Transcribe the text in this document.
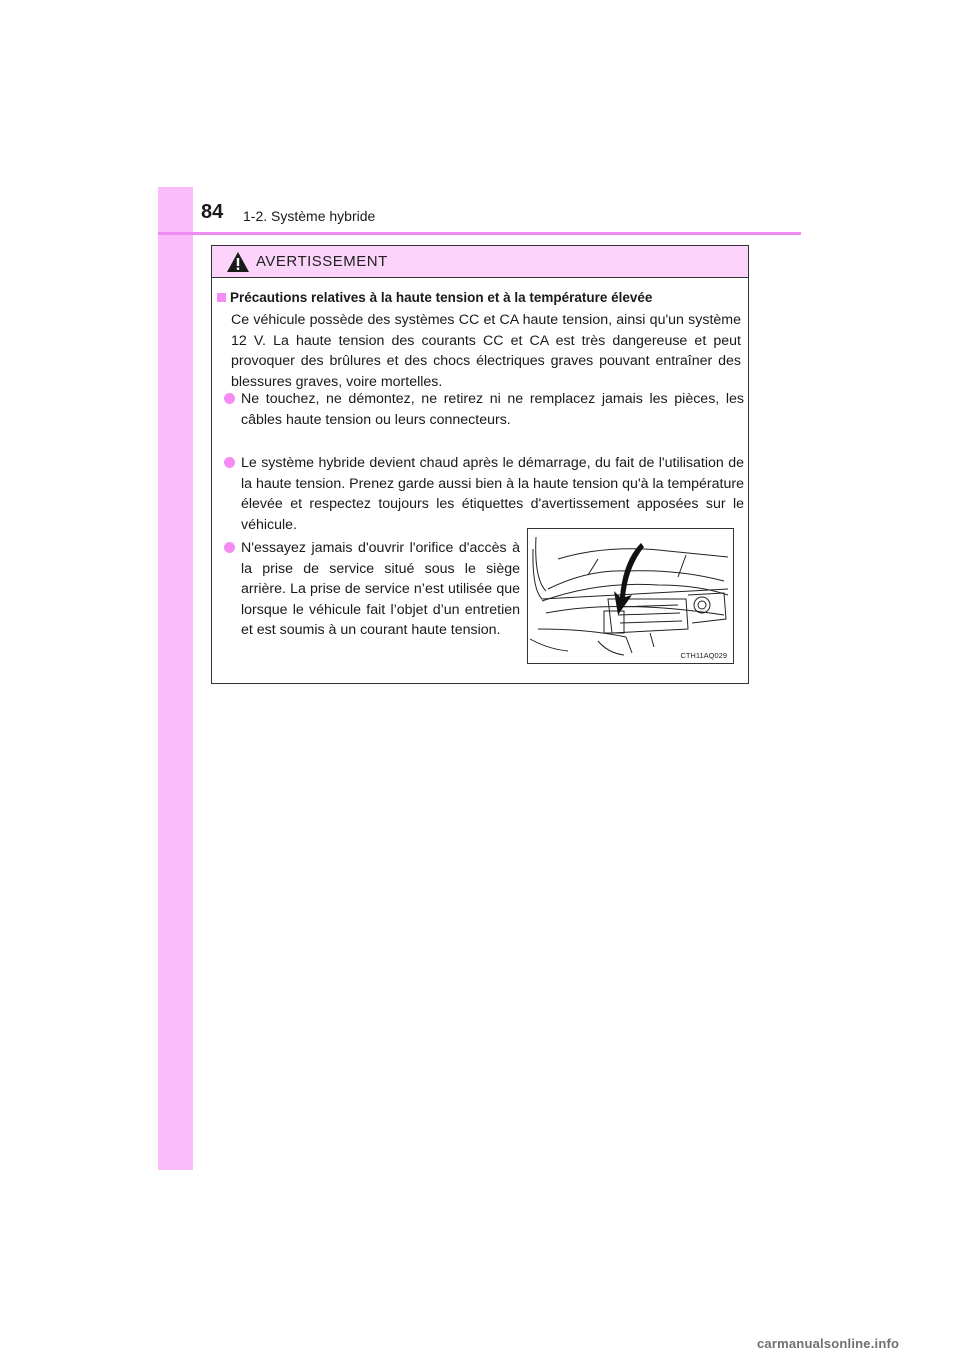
84 1-2. Système hybride
AVERTISSEMENT
Précautions relatives à la haute tension et à la température élevée
Ce véhicule possède des systèmes CC et CA haute tension, ainsi qu'un système 12 V. La haute tension des courants CC et CA est très dangereuse et peut provoquer des brûlures et des chocs électriques graves pouvant entraîner des blessures graves, voire mortelles.
Ne touchez, ne démontez, ne retirez ni ne remplacez jamais les pièces, les câbles haute tension ou leurs connecteurs.
Le système hybride devient chaud après le démarrage, du fait de l'utilisation de la haute tension. Prenez garde aussi bien à la haute tension qu'à la température élevée et respectez toujours les étiquettes d'avertissement apposées sur le véhicule.
N'essayez jamais d'ouvrir l'orifice d'accès à la prise de service situé sous le siège arrière. La prise de service n’est utilisée que lorsque le véhicule fait l’objet d’un entretien et est soumis à un courant haute tension.
CTH11AQ029
carmanualsonline.info
